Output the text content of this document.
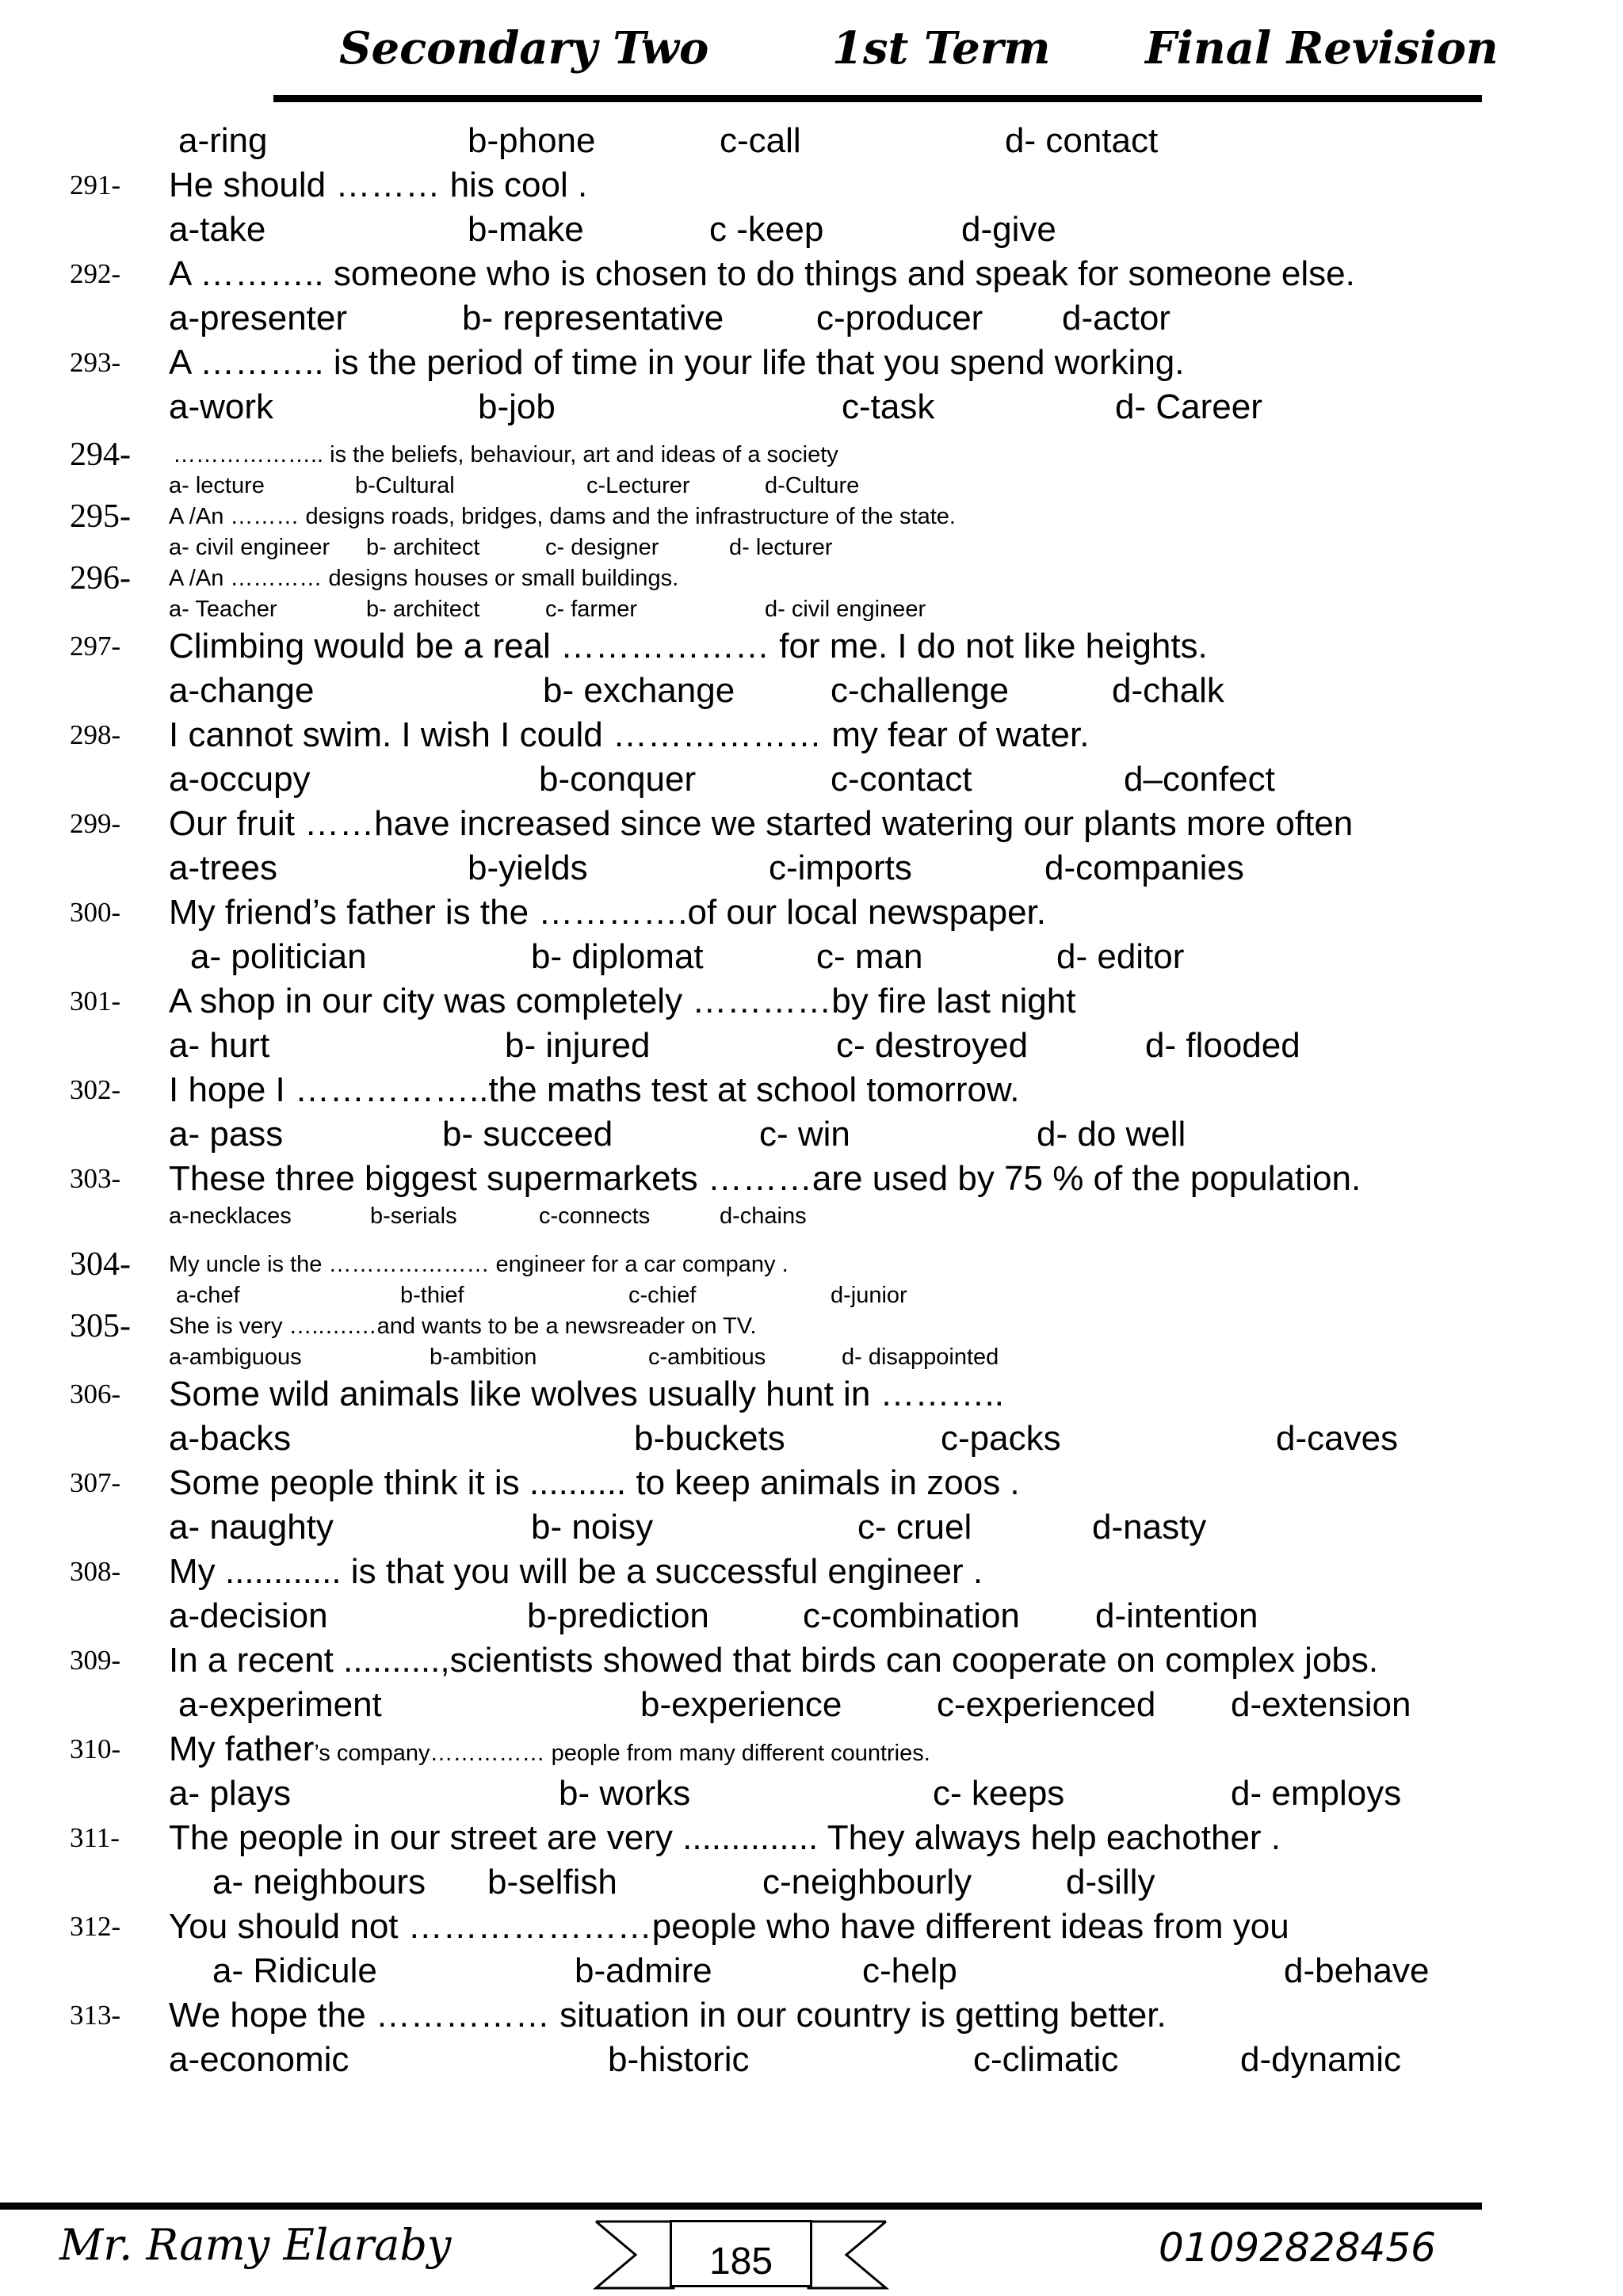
Secondary Two	1st Term Final Revision
a-ring	b-phone	c-call	d- contact
291- He should ……… his cool .
a-take	b-make	c -keep	d-give
292- A ……….. someone who is chosen to do things and speak for someone else.
a-presenter	b- representative	c-producer d-actor
293- A ……….. is the period of time in your life that you spend working.
a-work	b-job	c-task	d- Career
294- ……………….. is the beliefs, behaviour, art and ideas of a society
a- lecture	b-Cultural	c-Lecturer	d-Culture
295- A /An ……… designs roads, bridges, dams and the infrastructure of the state.
a- civil engineer b- architect	c- designer	d- lecturer
296- A /An ………… designs houses or small buildings.
a- Teacher	b- architect	c- farmer	d- civil engineer
297- Climbing would be a real ……………… for me. I do not like heights.
a-change	b- exchange	c-challenge	d-chalk
298- I cannot swim. I wish I could ……………… my fear of water.
a-occupy	b-conquer	c-contact	d–confect
299- Our fruit ……have increased since we started watering our plants more often
a-trees	b-yields	c-imports	d-companies
300- My friend’s father is the ………….of our local newspaper.
a- politician	b- diplomat	c- man	d- editor
301- A shop in our city was completely …………by fire last night
a- hurt	b- injured	c- destroyed	d- flooded
302- I hope I ……………..the maths test at school tomorrow.
a- pass	b- succeed	c- win	d- do well
303- These three biggest supermarkets ………are used by 75 % of the population.
a-necklaces	b-serials	c-connects	d-chains
304- My uncle is the ………………… engineer for a car company .
a-chef	b-thief	c-chief	d-junior
305- She is very …..….…and wants to be a newsreader on TV.
a-ambiguous	b-ambition	c-ambitious	d- disappointed
306- Some wild animals like wolves usually hunt in ………..
a-backs	b-buckets	c-packs	d-caves
307- Some people think it is .......... to keep animals in zoos .
a- naughty	b- noisy	c- cruel	d-nasty
308- My ............ is that you will be a successful engineer .
a-decision	b-prediction	c-combination d-intention
309- In a recent ..........,scientists showed that birds can cooperate on complex jobs.
a-experiment	b-experience	c-experienced d-extension
310- My father’s company…………… people from many different countries.
a- plays	b- works	c- keeps	d- employs
311- The people in our street are very .............. They always help eachother .
a- neighbours b-selfish	c-neighbourly	d-silly
312- You should not …………………people who have different ideas from you
a- Ridicule	b-admire	c-help	d-behave
313- We hope the …………… situation in our country is getting better.
a-economic	b-historic	c-climatic	d-dynamic
Mr. Ramy Elaraby	185	01092828456
